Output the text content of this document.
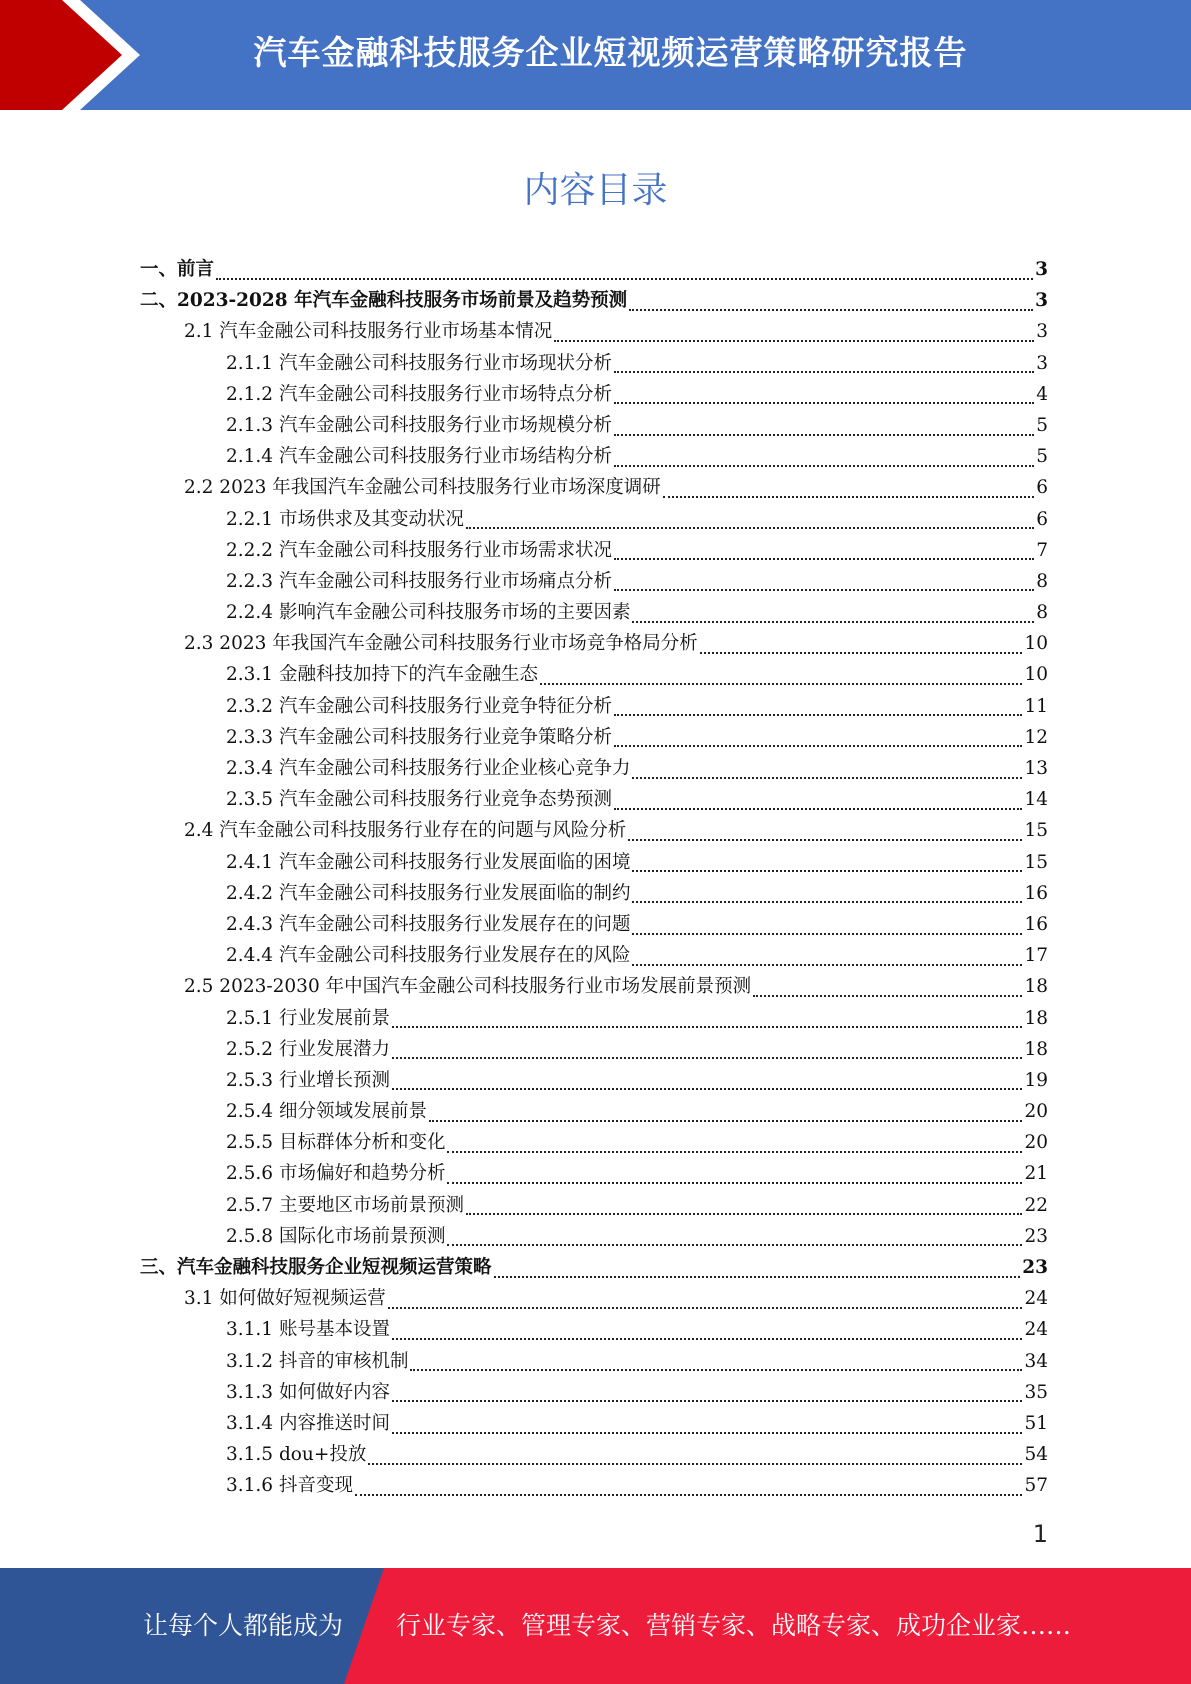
汽车金融科技服务企业短视频运营策略研究报告
内容目录
一、前言	3
二、2023-2028 年汽车金融科技服务市场前景及趋势预测	3
2.1 汽车金融公司科技服务行业市场基本情况	3
2.1.1 汽车金融公司科技服务行业市场现状分析	3
2.1.2 汽车金融公司科技服务行业市场特点分析	4
2.1.3 汽车金融公司科技服务行业市场规模分析	5
2.1.4 汽车金融公司科技服务行业市场结构分析	5
2.2 2023 年我国汽车金融公司科技服务行业市场深度调研	6
2.2.1 市场供求及其变动状况	6
2.2.2 汽车金融公司科技服务行业市场需求状况	7
2.2.3 汽车金融公司科技服务行业市场痛点分析	8
2.2.4 影响汽车金融公司科技服务市场的主要因素	8
2.3 2023 年我国汽车金融公司科技服务行业市场竞争格局分析	10
2.3.1 金融科技加持下的汽车金融生态	10
2.3.2 汽车金融公司科技服务行业竞争特征分析	11
2.3.3 汽车金融公司科技服务行业竞争策略分析	12
2.3.4 汽车金融公司科技服务行业企业核心竞争力	13
2.3.5 汽车金融公司科技服务行业竞争态势预测	14
2.4 汽车金融公司科技服务行业存在的问题与风险分析	15
2.4.1 汽车金融公司科技服务行业发展面临的困境	15
2.4.2 汽车金融公司科技服务行业发展面临的制约	16
2.4.3 汽车金融公司科技服务行业发展存在的问题	16
2.4.4 汽车金融公司科技服务行业发展存在的风险	17
2.5 2023-2030 年中国汽车金融公司科技服务行业市场发展前景预测	18
2.5.1 行业发展前景	18
2.5.2 行业发展潜力	18
2.5.3 行业增长预测	19
2.5.4 细分领域发展前景	20
2.5.5 目标群体分析和变化	20
2.5.6 市场偏好和趋势分析	21
2.5.7 主要地区市场前景预测	22
2.5.8 国际化市场前景预测	23
三、汽车金融科技服务企业短视频运营策略	23
3.1 如何做好短视频运营	24
3.1.1 账号基本设置	24
3.1.2 抖音的审核机制	34
3.1.3 如何做好内容	35
3.1.4 内容推送时间	51
3.1.5 dou+投放	54
3.1.6 抖音变现	57
1
让每个人都能成为 行业专家、管理专家、营销专家、战略专家、成功企业家……
